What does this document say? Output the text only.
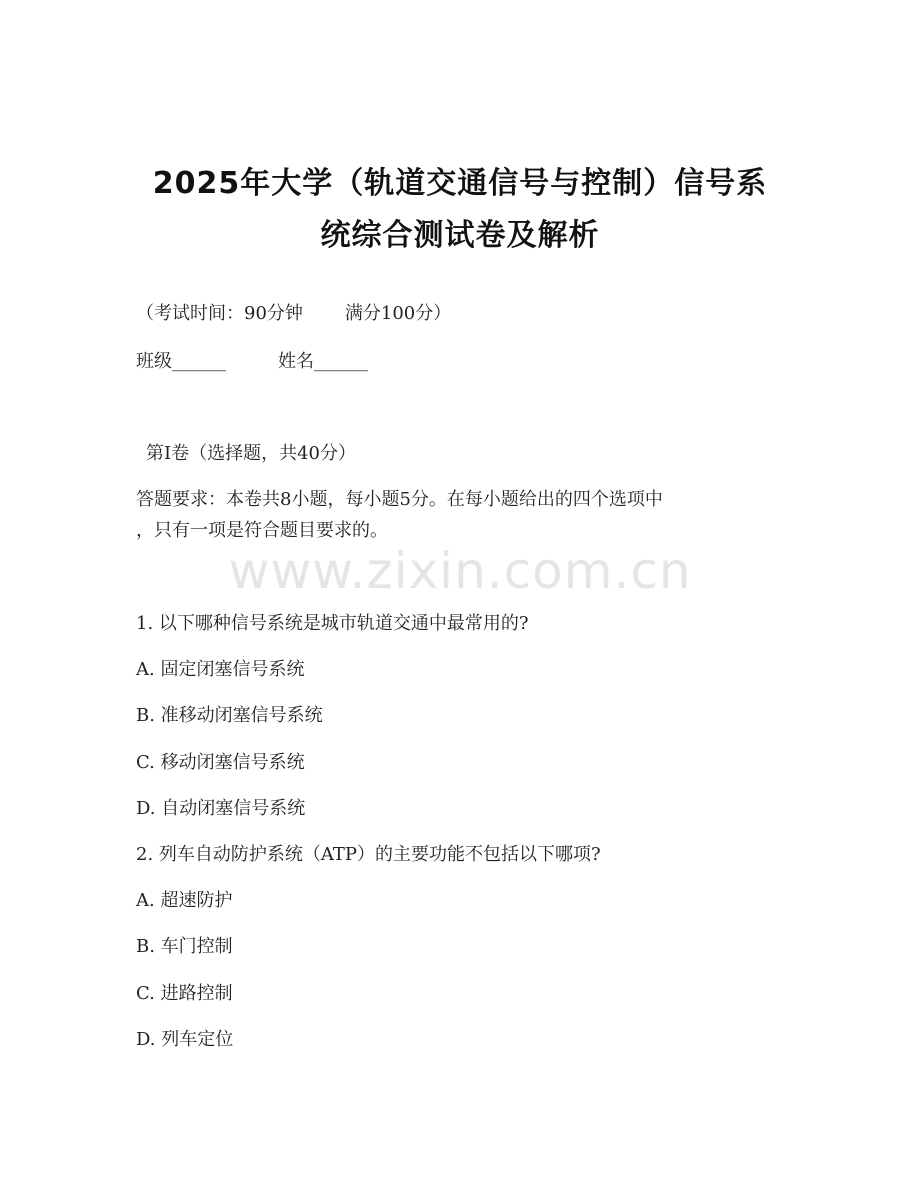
2025年大学（轨道交通信号与控制）信号系
统综合测试卷及解析
（考试时间：90分钟 满分100分）
班级______	姓名______
第Ⅰ卷（选择题，共40分）
答题要求：本卷共8小题，每小题5分。在每小题给出的四个选项中
，只有一项是符合题目要求的。
www.zixin.com.cn
1. 以下哪种信号系统是城市轨道交通中最常用的?
A. 固定闭塞信号系统
B. 准移动闭塞信号系统
C. 移动闭塞信号系统
D. 自动闭塞信号系统
2. 列车自动防护系统（ATP）的主要功能不包括以下哪项?
A. 超速防护
B. 车门控制
C. 进路控制
D. 列车定位
